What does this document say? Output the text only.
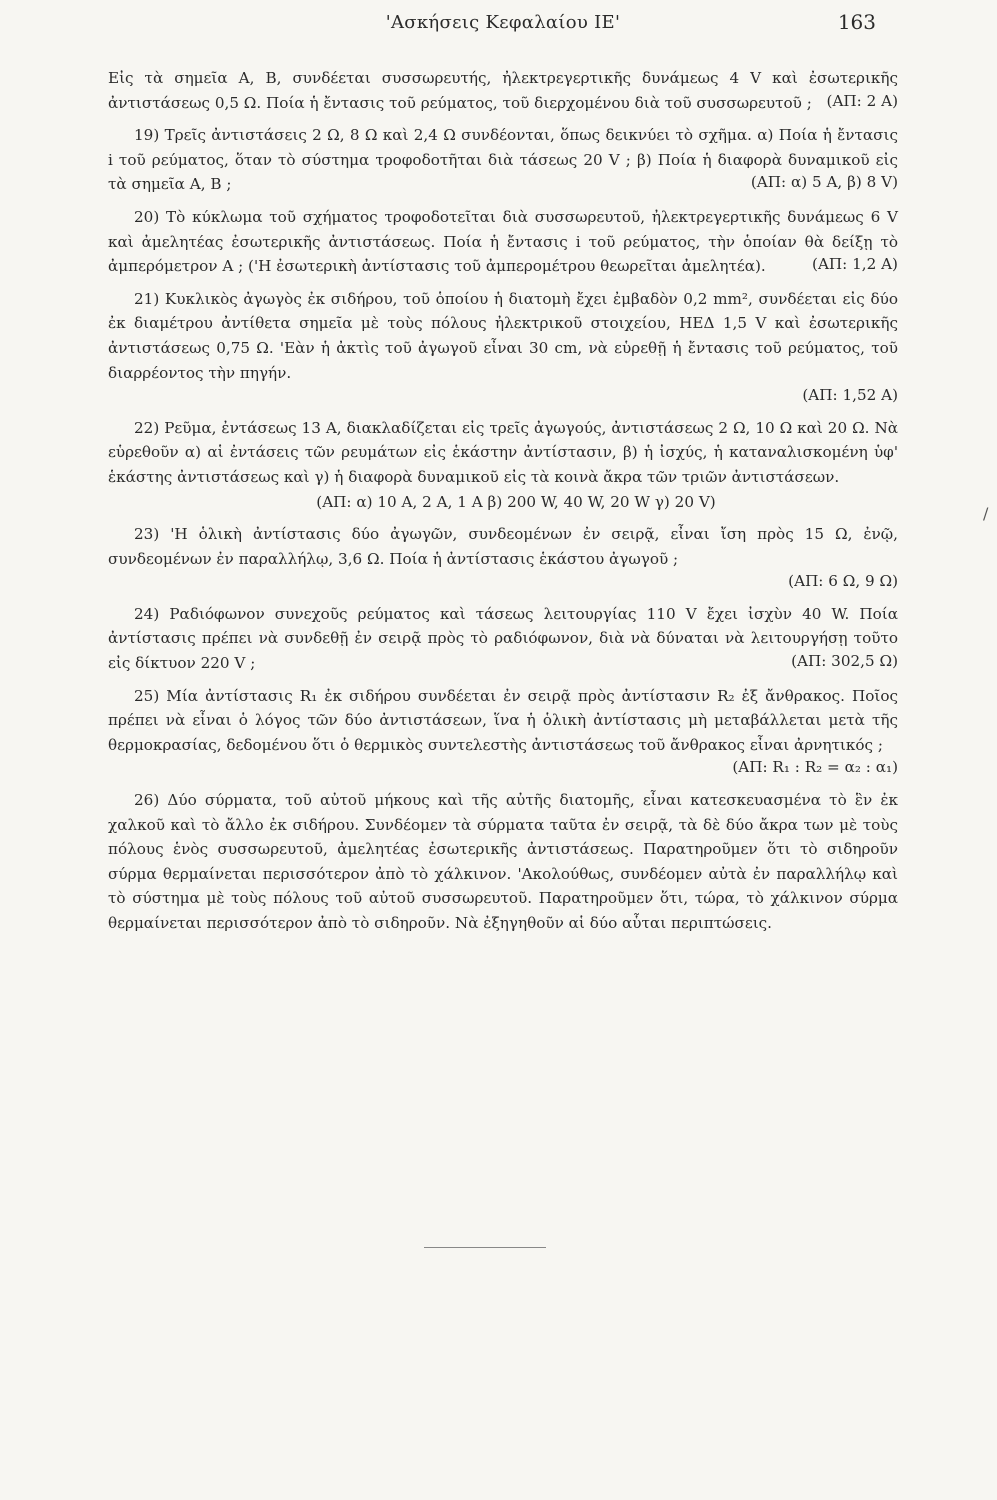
'Ασκήσεις Κεφαλαίου ΙΕ'	163

Εἰς τὰ σημεῖα Α, Β, συνδέεται συσσωρευτής, ἠλεκτρεγερτικῆς δυνάμεως 4 V καὶ ἐσωτερικῆς ἀντιστάσεως 0,5 Ω. Ποία ἡ ἔντασις τοῦ ρεύματος, τοῦ διερχομένου διὰ τοῦ συσσωρευτοῦ ; (ΑΠ: 2 Α)

19) Τρεῖς ἀντιστάσεις 2 Ω, 8 Ω καὶ 2,4 Ω συνδέονται, ὅπως δεικνύει τὸ σχῆμα. α) Ποία ἡ ἔντασις i τοῦ ρεύματος, ὅταν τὸ σύστημα τροφοδοτῆται διὰ τάσεως 20 V ; β) Ποία ἡ διαφορὰ δυναμικοῦ εἰς τὰ σημεῖα Α, Β ;	(ΑΠ: α) 5 Α, β) 8 V)

20) Τὸ κύκλωμα τοῦ σχήματος τροφοδοτεῖται διὰ συσσωρευτοῦ, ἠλεκτρεγερτικῆς δυνάμεως 6 V καὶ ἀμελητέας ἐσωτερικῆς ἀντιστάσεως. Ποία ἡ ἔντασις i τοῦ ρεύματος, τὴν ὁποίαν θὰ δείξῃ τὸ ἀμπερόμετρον Α ; ('Η ἐσωτερικὴ ἀντίστασις τοῦ ἀμπερομέτρου θεωρεῖται ἀμελητέα).	(ΑΠ: 1,2 Α)

21) Κυκλικὸς ἀγωγὸς ἐκ σιδήρου, τοῦ ὁποίου ἡ διατομὴ ἔχει ἐμβαδὸν 0,2 mm², συνδέεται εἰς δύο ἐκ διαμέτρου ἀντίθετα σημεῖα μὲ τοὺς πόλους ἠλεκτρικοῦ στοιχείου, ΗΕΔ 1,5 V καὶ ἐσωτερικῆς ἀντιστάσεως 0,75 Ω. 'Εὰν ἡ ἀκτὶς τοῦ ἀγωγοῦ εἶναι 30 cm, νὰ εὑρεθῇ ἡ ἔντασις τοῦ ρεύματος, τοῦ διαρρέοντος τὴν πηγήν.
(ΑΠ: 1,52 Α)

22) Ρεῦμα, ἐντάσεως 13 Α, διακλαδίζεται εἰς τρεῖς ἀγωγούς, ἀντιστάσεως 2 Ω, 10 Ω καὶ 20 Ω. Νὰ εὑρεθοῦν α) αἱ ἐντάσεις τῶν ρευμάτων εἰς ἑκάστην ἀντίστασιν, β) ἡ ἰσχύς, ἡ καταναλισκομένη ὑφ' ἑκάστης ἀντιστάσεως καὶ γ) ἡ διαφορὰ δυναμικοῦ εἰς τὰ κοινὰ ἄκρα τῶν τριῶν ἀντιστάσεων.
(ΑΠ: α) 10 Α, 2 Α, 1 Α β) 200 W, 40 W, 20 W γ) 20 V)

23) 'Η ὁλικὴ ἀντίστασις δύο ἀγωγῶν, συνδεομένων ἐν σειρᾷ, εἶναι ἴση πρὸς 15 Ω, ἐνῷ, συνδεομένων ἐν παραλλήλῳ, 3,6 Ω. Ποία ἡ ἀντίστασις ἑκάστου ἀγωγοῦ ;
(ΑΠ: 6 Ω, 9 Ω)

24) Ραδιόφωνον συνεχοῦς ρεύματος καὶ τάσεως λειτουργίας 110 V ἔχει ἰσχὺν 40 W. Ποία ἀντίστασις πρέπει νὰ συνδεθῇ ἐν σειρᾷ πρὸς τὸ ραδιόφωνον, διὰ νὰ δύναται νὰ λειτουργήσῃ τοῦτο εἰς δίκτυον 220 V ;	(ΑΠ: 302,5 Ω)

25) Μία ἀντίστασις R₁ ἐκ σιδήρου συνδέεται ἐν σειρᾷ πρὸς ἀντίστασιν R₂ ἐξ ἄνθρακος. Ποῖος πρέπει νὰ εἶναι ὁ λόγος τῶν δύο ἀντιστάσεων, ἵνα ἡ ὁλικὴ ἀντίστασις μὴ μεταβάλλεται μετὰ τῆς θερμοκρασίας, δεδομένου ὅτι ὁ θερμικὸς συντελεστὴς ἀντιστάσεως τοῦ ἄνθρακος εἶναι ἀρνητικός ;
(ΑΠ: R₁ : R₂ = α₂ : α₁)

26) Δύο σύρματα, τοῦ αὐτοῦ μήκους καὶ τῆς αὐτῆς διατομῆς, εἶναι κατεσκευασμένα τὸ ἓν ἐκ χαλκοῦ καὶ τὸ ἄλλο ἐκ σιδήρου. Συνδέομεν τὰ σύρματα ταῦτα ἐν σειρᾷ, τὰ δὲ δύο ἄκρα των μὲ τοὺς πόλους ἑνὸς συσσωρευτοῦ, ἀμελητέας ἐσωτερικῆς ἀντιστάσεως. Παρατηροῦμεν ὅτι τὸ σιδηροῦν σύρμα θερμαίνεται περισσότερον ἀπὸ τὸ χάλκινον. 'Ακολούθως, συνδέομεν αὐτὰ ἐν παραλλήλῳ καὶ τὸ σύστημα μὲ τοὺς πόλους τοῦ αὐτοῦ συσσωρευτοῦ. Παρατηροῦμεν ὅτι, τώρα, τὸ χάλκινον σύρμα θερμαίνεται περισσότερον ἀπὸ τὸ σιδηροῦν. Νὰ ἐξηγηθοῦν αἱ δύο αὗται περιπτώσεις.

/
